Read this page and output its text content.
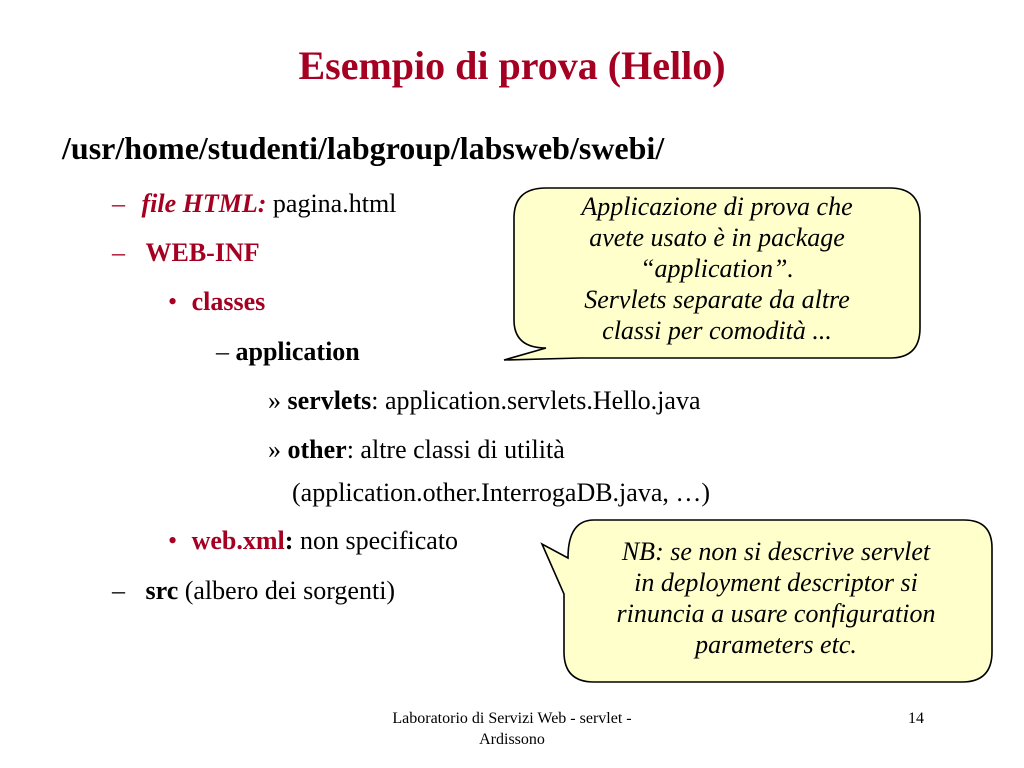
Esempio di prova (Hello)
/usr/home/studenti/labgroup/labsweb/swebi/
– file HTML: pagina.html
– WEB-INF
• classes
– application
» servlets: application.servlets.Hello.java
» other: altre classi di utilità
(application.other.InterrogaDB.java, …)
• web.xml: non specificato
– src (albero dei sorgenti)
Applicazione di prova che
avete usato è in package
“application”.
Servlets separate da altre
classi per comodità ...
NB: se non si descrive servlet
in deployment descriptor si
rinuncia a usare configuration
parameters etc.
Laboratorio di Servizi Web - servlet -
Ardissono
14
